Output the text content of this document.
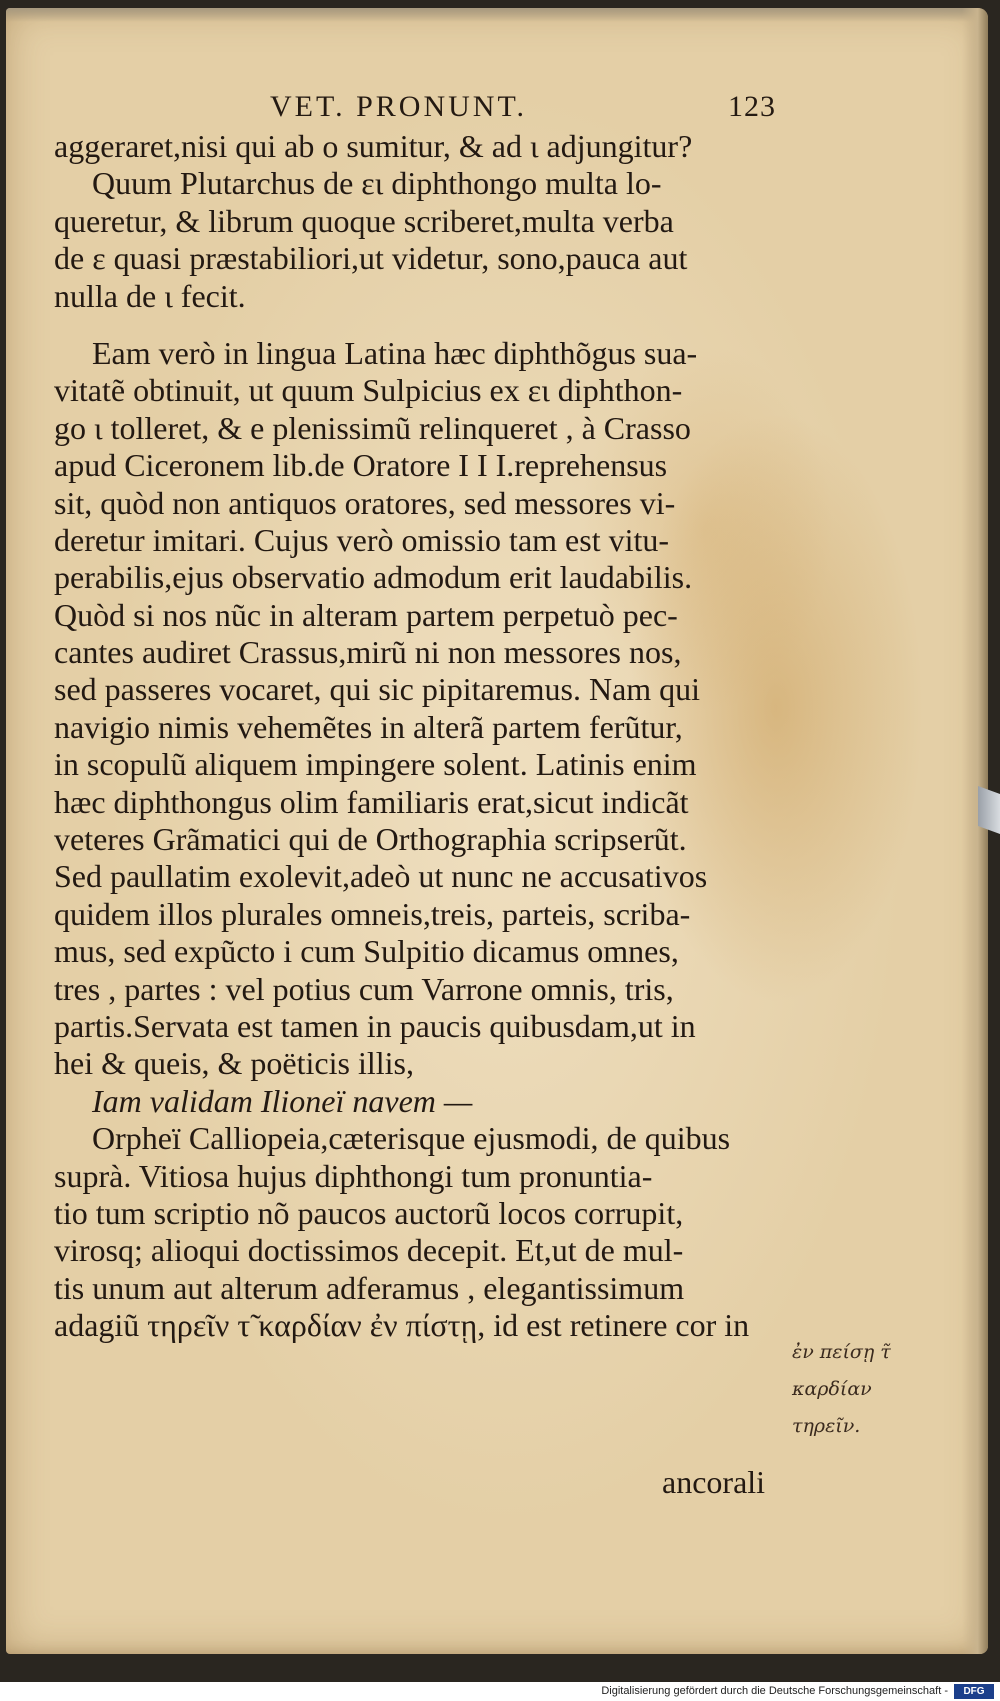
VET. PRONUNT.	123
aggeraret,nisi qui ab ο sumitur, & ad ι adjungitur?
Quum Plutarchus de ει diphthongo multa lo-
queretur, & librum quoque scriberet,multa verba
de ε quasi præstabiliori,ut videtur, sono,pauca aut
nulla de ι fecit.
Eam verò in lingua Latina hæc diphthõgus sua-
vitatẽ obtinuit, ut quum Sulpicius ex ει diphthon-
go ι tolleret, & e plenissimũ relinqueret , à Crasso
apud Ciceronem lib.de Oratore I I I.reprehensus
sit, quòd non antiquos oratores, sed messores vi-
deretur imitari. Cujus verò omissio tam est vitu-
perabilis,ejus observatio admodum erit laudabilis.
Quòd si nos nũc in alteram partem perpetuò pec-
cantes audiret Crassus,mirũ ni non messores nos,
sed passeres vocaret, qui sic pipitaremus. Nam qui
navigio nimis vehemẽtes in alterã partem ferũtur,
in scopulũ aliquem impingere solent. Latinis enim
hæc diphthongus olim familiaris erat,sicut indicãt
veteres Grãmatici qui de Orthographia scripserũt.
Sed paullatim exolevit,adeò ut nunc ne accusativos
quidem illos plurales omneis,treis, parteis, scriba-
mus, sed expũcto i cum Sulpitio dicamus omnes,
tres , partes : vel potius cum Varrone omnis, tris,
partis.Servata est tamen in paucis quibusdam,ut in
hei & queis, & poëticis illis,
Iam validam Ilioneï navem —
Orpheï Calliopeia,cæterisque ejusmodi, de quibus
suprà. Vitiosa hujus diphthongi tum pronuntia-
tio tum scriptio nõ paucos auctorũ locos corrupit,
virosq; alioqui doctissimos decepit. Et,ut de mul-
tis unum aut alterum adferamus , elegantissimum
adagiũ τηρεῖν τ̃ καρδίαν ἐν πίστῃ, id est retinere cor in
ancorali
ἐν πείσῃ τ̃
καρδίαν
τηρεῖν.
Digitalisierung gefördert durch die Deutsche Forschungsgemeinschaft -	DFG
